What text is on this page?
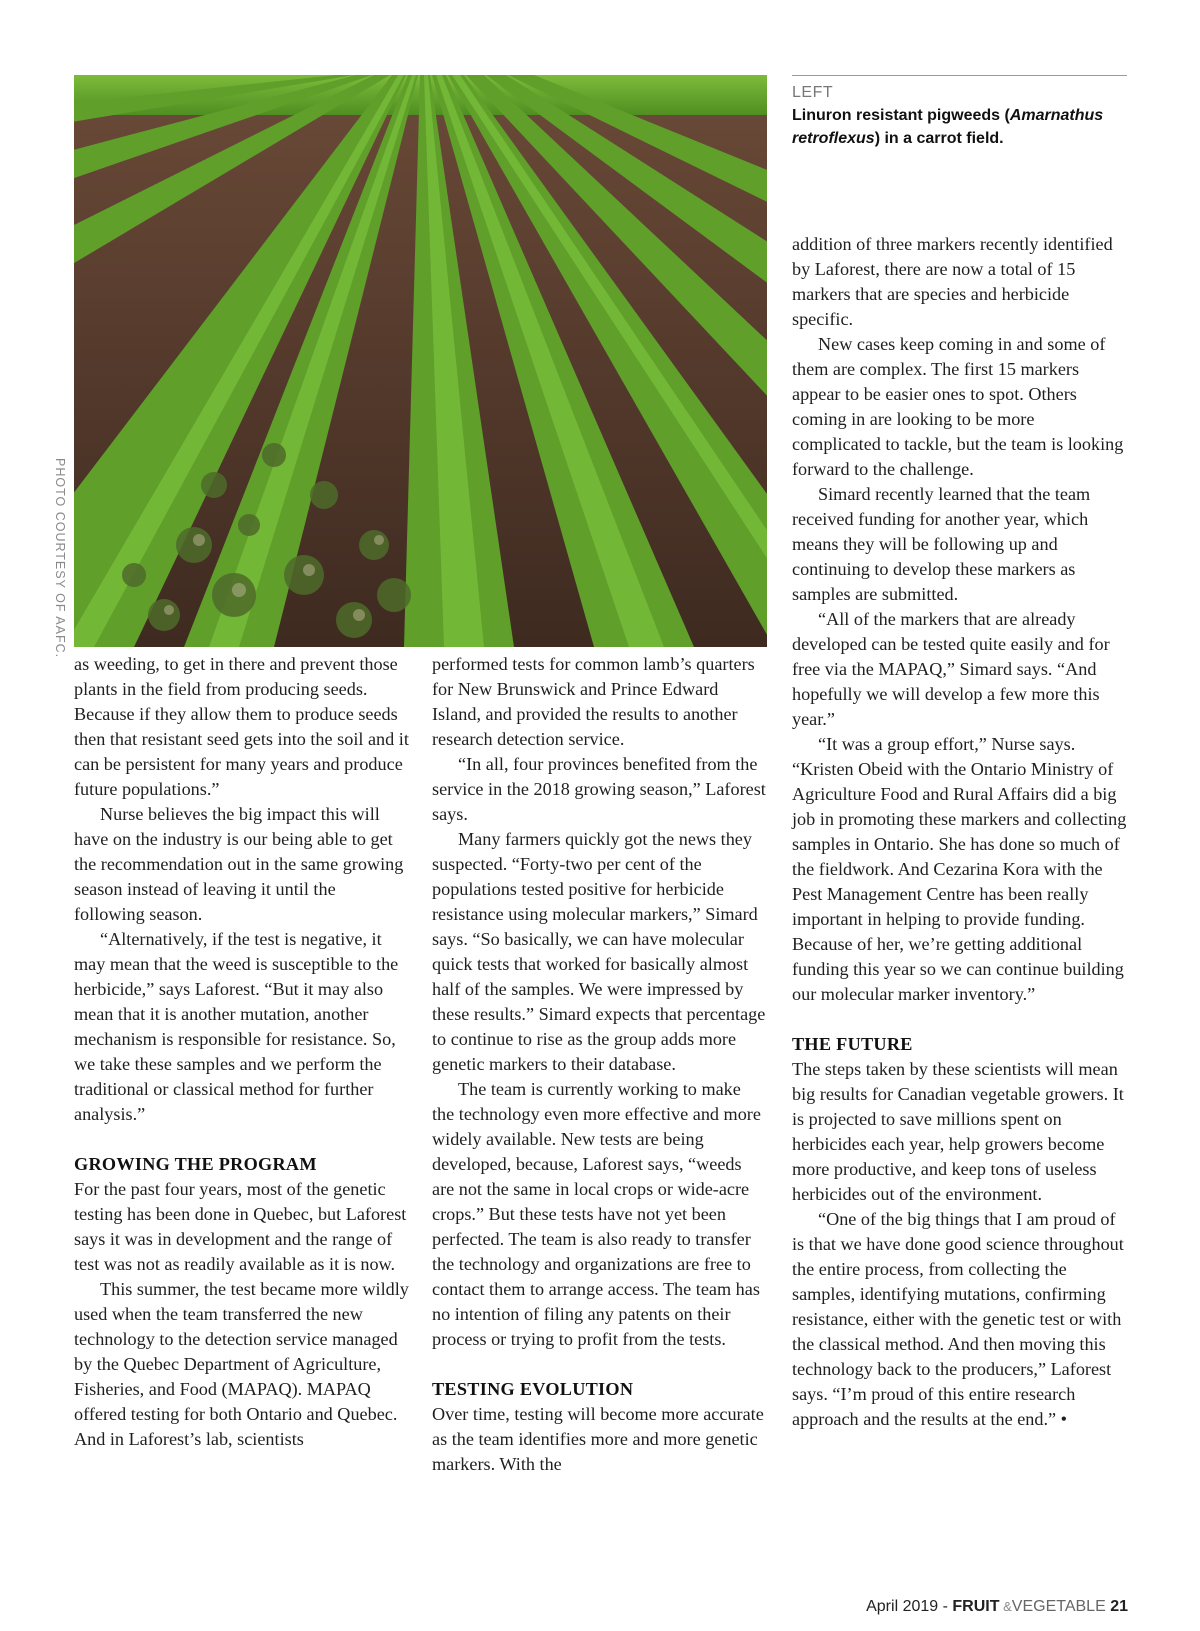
PHOTO COURTESY OF AAFC.
LEFT
Linuron resistant pigweeds (Amarnathus retroflexus) in a carrot field.

as weeding, to get in there and prevent those plants in the field from producing seeds. Because if they allow them to produce seeds then that resistant seed gets into the soil and it can be persistent for many years and produce future populations.”

Nurse believes the big impact this will have on the industry is our being able to get the recommendation out in the same growing season instead of leaving it until the following season.

“Alternatively, if the test is negative, it may mean that the weed is susceptible to the herbicide,” says Laforest. “But it may also mean that it is another mutation, another mechanism is responsible for resistance. So, we take these samples and we perform the traditional or classical method for further analysis.”

GROWING THE PROGRAM

For the past four years, most of the genetic testing has been done in Quebec, but Laforest says it was in development and the range of test was not as readily available as it is now.

This summer, the test became more wildly used when the team transferred the new technology to the detection service managed by the Quebec Department of Agriculture, Fisheries, and Food (MAPAQ). MAPAQ offered testing for both Ontario and Quebec. And in Laforest’s lab, scientists

performed tests for common lamb’s quarters for New Brunswick and Prince Edward Island, and provided the results to another research detection service.

“In all, four provinces benefited from the service in the 2018 growing season,” Laforest says.

Many farmers quickly got the news they suspected. “Forty-two per cent of the populations tested positive for herbicide resistance using molecular markers,” Simard says. “So basically, we can have molecular quick tests that worked for basically almost half of the samples. We were impressed by these results.” Simard expects that percentage to continue to rise as the group adds more genetic markers to their database.

The team is currently working to make the technology even more effective and more widely available. New tests are being developed, because, Laforest says, “weeds are not the same in local crops or wide-acre crops.” But these tests have not yet been perfected. The team is also ready to transfer the technology and organizations are free to contact them to arrange access. The team has no intention of filing any patents on their process or trying to profit from the tests.

TESTING EVOLUTION

Over time, testing will become more accurate as the team identifies more and more genetic markers. With the

addition of three markers recently identified by Laforest, there are now a total of 15 markers that are species and herbicide specific.

New cases keep coming in and some of them are complex. The first 15 markers appear to be easier ones to spot. Others coming in are looking to be more complicated to tackle, but the team is looking forward to the challenge.

Simard recently learned that the team received funding for another year, which means they will be following up and continuing to develop these markers as samples are submitted.

“All of the markers that are already developed can be tested quite easily and for free via the MAPAQ,” Simard says. “And hopefully we will develop a few more this year.”

“It was a group effort,” Nurse says. “Kristen Obeid with the Ontario Ministry of Agriculture Food and Rural Affairs did a big job in promoting these markers and collecting samples in Ontario. She has done so much of the fieldwork. And Cezarina Kora with the Pest Management Centre has been really important in helping to provide funding. Because of her, we’re getting additional funding this year so we can continue building our molecular marker inventory.”

THE FUTURE

The steps taken by these scientists will mean big results for Canadian vegetable growers. It is projected to save millions spent on herbicides each year, help growers become more productive, and keep tons of useless herbicides out of the environment.

“One of the big things that I am proud of is that we have done good science throughout the entire process, from collecting the samples, identifying mutations, confirming resistance, either with the genetic test or with the classical method. And then moving this technology back to the producers,” Laforest says. “I’m proud of this entire research approach and the results at the end.” •

April 2019 - FRUIT &VEGETABLE 21
